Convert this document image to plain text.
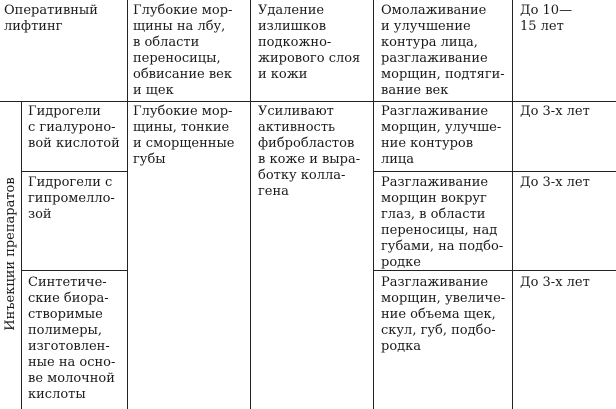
Оперативный
лифтинг
Глубокие мор-
щины на лбу,
в области
переносицы,
обвисание век
и щек
Удаление
излишков
подкожно-
жирового слоя
и кожи
Омолаживание
и улучшение
контура лица,
разглаживание
морщин, подтяги-
вание век
До 10—
15 лет
Инъекции препаратов
Гидрогели
с гиалуроно-
вой кислотой
Глубокие мор-
щины, тонкие
и сморщенные
губы
Усиливают
активность
фибробластов
в коже и выра-
ботку колла-
гена
Разглаживание
морщин, улучше-
ние контуров
лица
До 3-х лет
Гидрогели с
гипромелло-
зой
Разглаживание
морщин вокруг
глаз, в области
переносицы, над
губами, на подбо-
родке
До 3-х лет
Синтетиче-
ские биора-
створимые
полимеры,
изготовлен-
ные на осно-
ве молочной
кислоты
Разглаживание
морщин, увеличе-
ние объема щек,
скул, губ, подбо-
родка
До 3-х лет
